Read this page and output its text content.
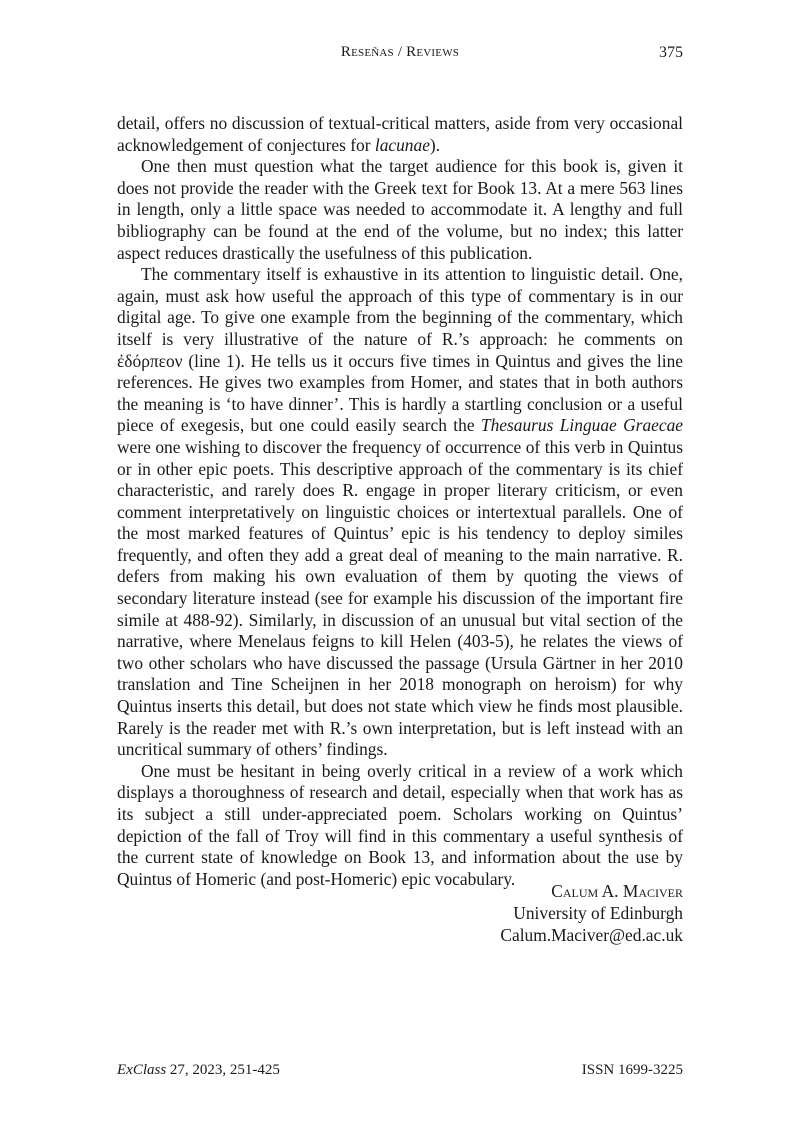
Reseñas / Reviews	375

detail, offers no discussion of textual-critical matters, aside from very occasional acknowledgement of conjectures for lacunae).

One then must question what the target audience for this book is, given it does not provide the reader with the Greek text for Book 13. At a mere 563 lines in length, only a little space was needed to accommodate it. A lengthy and full bibliography can be found at the end of the volume, but no index; this latter aspect reduces drastically the usefulness of this publication.

The commentary itself is exhaustive in its attention to linguistic detail. One, again, must ask how useful the approach of this type of commentary is in our digital age. To give one example from the beginning of the commentary, which itself is very illustrative of the nature of R.’s approach: he comments on ἐδόρπεον (line 1). He tells us it occurs five times in Quintus and gives the line references. He gives two examples from Homer, and states that in both authors the meaning is ‘to have dinner’. This is hardly a startling conclusion or a useful piece of exegesis, but one could easily search the Thesaurus Linguae Graecae were one wishing to discover the frequency of occurrence of this verb in Quintus or in other epic poets. This descriptive approach of the commentary is its chief characteristic, and rarely does R. engage in proper literary criticism, or even comment interpretatively on linguistic choices or intertextual parallels. One of the most marked features of Quintus’ epic is his tendency to deploy similes frequently, and often they add a great deal of meaning to the main narrative. R. defers from making his own evaluation of them by quoting the views of secondary literature instead (see for example his discussion of the important fire simile at 488-92). Similarly, in discussion of an unusual but vital section of the narrative, where Menelaus feigns to kill Helen (403-5), he relates the views of two other scholars who have discussed the passage (Ursula Gärtner in her 2010 translation and Tine Scheijnen in her 2018 monograph on heroism) for why Quintus inserts this detail, but does not state which view he finds most plausible. Rarely is the reader met with R.’s own interpretation, but is left instead with an uncritical summary of others’ findings.

One must be hesitant in being overly critical in a review of a work which displays a thoroughness of research and detail, especially when that work has as its subject a still under-appreciated poem. Scholars working on Quintus’ depiction of the fall of Troy will find in this commentary a useful synthesis of the current state of knowledge on Book 13, and information about the use by Quintus of Homeric (and post-Homeric) epic vocabulary.

Calum A. Maciver
University of Edinburgh
Calum.Maciver@ed.ac.uk
ExClass 27, 2023, 251-425	ISSN 1699-3225
